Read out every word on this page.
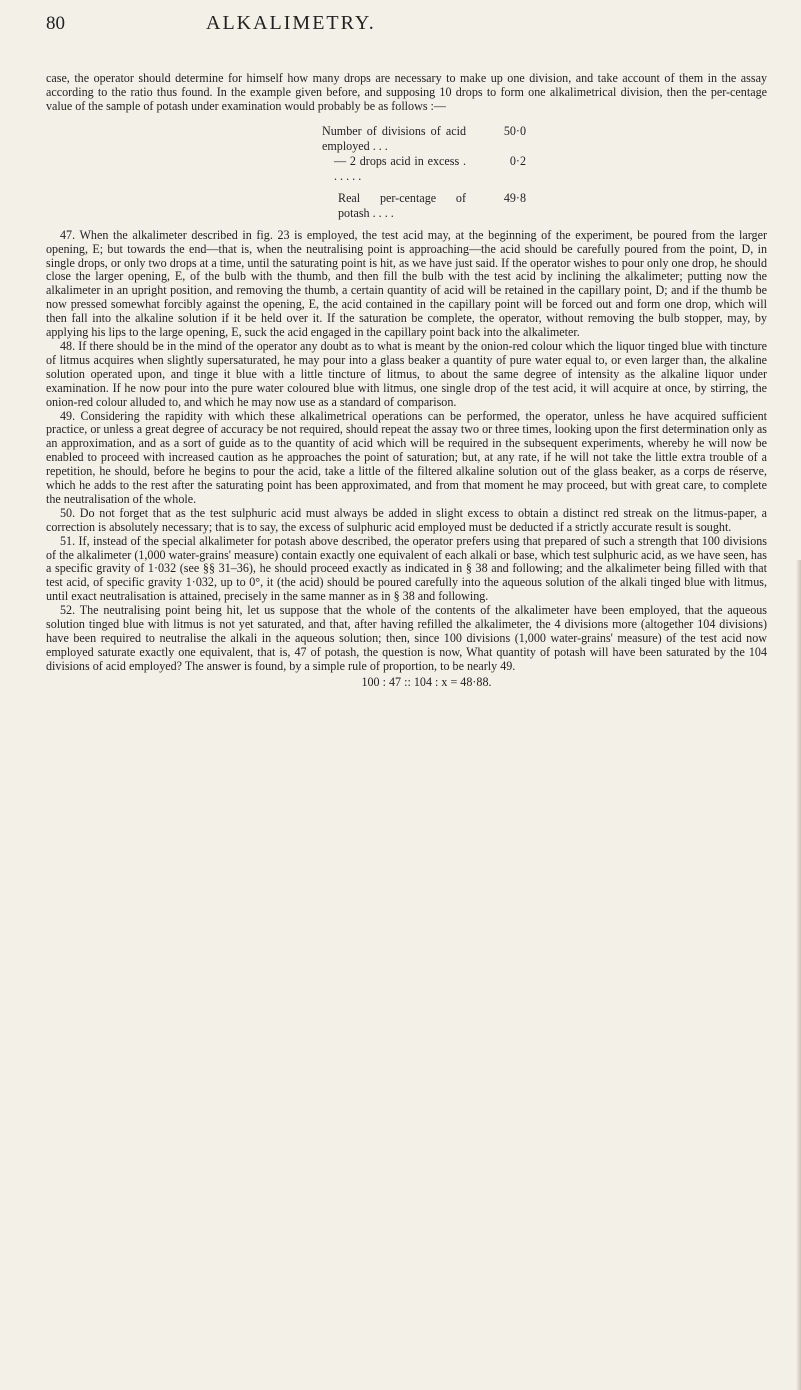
80	ALKALIMETRY.

case, the operator should determine for himself how many drops are necessary to make up one division, and take account of them in the assay according to the ratio thus found. In the example given before, and supposing 10 drops to form one alkalimetrical division, then the per-centage value of the sample of potash under examination would probably be as follows :—

Number of divisions of acid employed . . .
50·0
— 2 drops acid in excess . . . . . .
0·2
Real per-centage of potash . . . .
49·8

47. When the alkalimeter described in fig. 23 is employed, the test acid may, at the beginning of the experiment, be poured from the larger opening, E; but towards the end—that is, when the neutralising point is approaching—the acid should be carefully poured from the point, D, in single drops, or only two drops at a time, until the saturating point is hit, as we have just said. If the operator wishes to pour only one drop, he should close the larger opening, E, of the bulb with the thumb, and then fill the bulb with the test acid by inclining the alkalimeter; putting now the alkalimeter in an upright position, and removing the thumb, a certain quantity of acid will be retained in the capillary point, D; and if the thumb be now pressed somewhat forcibly against the opening, E, the acid contained in the capillary point will be forced out and form one drop, which will then fall into the alkaline solution if it be held over it. If the saturation be complete, the operator, without removing the bulb stopper, may, by applying his lips to the large opening, E, suck the acid engaged in the capillary point back into the alkalimeter.

48. If there should be in the mind of the operator any doubt as to what is meant by the onion-red colour which the liquor tinged blue with tincture of litmus acquires when slightly supersaturated, he may pour into a glass beaker a quantity of pure water equal to, or even larger than, the alkaline solution operated upon, and tinge it blue with a little tincture of litmus, to about the same degree of intensity as the alkaline liquor under examination. If he now pour into the pure water coloured blue with litmus, one single drop of the test acid, it will acquire at once, by stirring, the onion-red colour alluded to, and which he may now use as a standard of comparison.

49. Considering the rapidity with which these alkalimetrical operations can be performed, the operator, unless he have acquired sufficient practice, or unless a great degree of accuracy be not required, should repeat the assay two or three times, looking upon the first determination only as an approximation, and as a sort of guide as to the quantity of acid which will be required in the subsequent experiments, whereby he will now be enabled to proceed with increased caution as he approaches the point of saturation; but, at any rate, if he will not take the little extra trouble of a repetition, he should, before he begins to pour the acid, take a little of the filtered alkaline solution out of the glass beaker, as a corps de réserve, which he adds to the rest after the saturating point has been approximated, and from that moment he may proceed, but with great care, to complete the neutralisation of the whole.

50. Do not forget that as the test sulphuric acid must always be added in slight excess to obtain a distinct red streak on the litmus-paper, a correction is absolutely necessary; that is to say, the excess of sulphuric acid employed must be deducted if a strictly accurate result is sought.

51. If, instead of the special alkalimeter for potash above described, the operator prefers using that prepared of such a strength that 100 divisions of the alkalimeter (1,000 water-grains' measure) contain exactly one equivalent of each alkali or base, which test sulphuric acid, as we have seen, has a specific gravity of 1·032 (see §§ 31–36), he should proceed exactly as indicated in § 38 and following; and the alkalimeter being filled with that test acid, of specific gravity 1·032, up to 0°, it (the acid) should be poured carefully into the aqueous solution of the alkali tinged blue with litmus, until exact neutralisation is attained, precisely in the same manner as in § 38 and following.

52. The neutralising point being hit, let us suppose that the whole of the contents of the alkalimeter have been employed, that the aqueous solution tinged blue with litmus is not yet saturated, and that, after having refilled the alkalimeter, the 4 divisions more (altogether 104 divisions) have been required to neutralise the alkali in the aqueous solution; then, since 100 divisions (1,000 water-grains' measure) of the test acid now employed saturate exactly one equivalent, that is, 47 of potash, the question is now, What quantity of potash will have been saturated by the 104 divisions of acid employed? The answer is found, by a simple rule of proportion, to be nearly 49.

100 : 47 :: 104 : x = 48·88.
